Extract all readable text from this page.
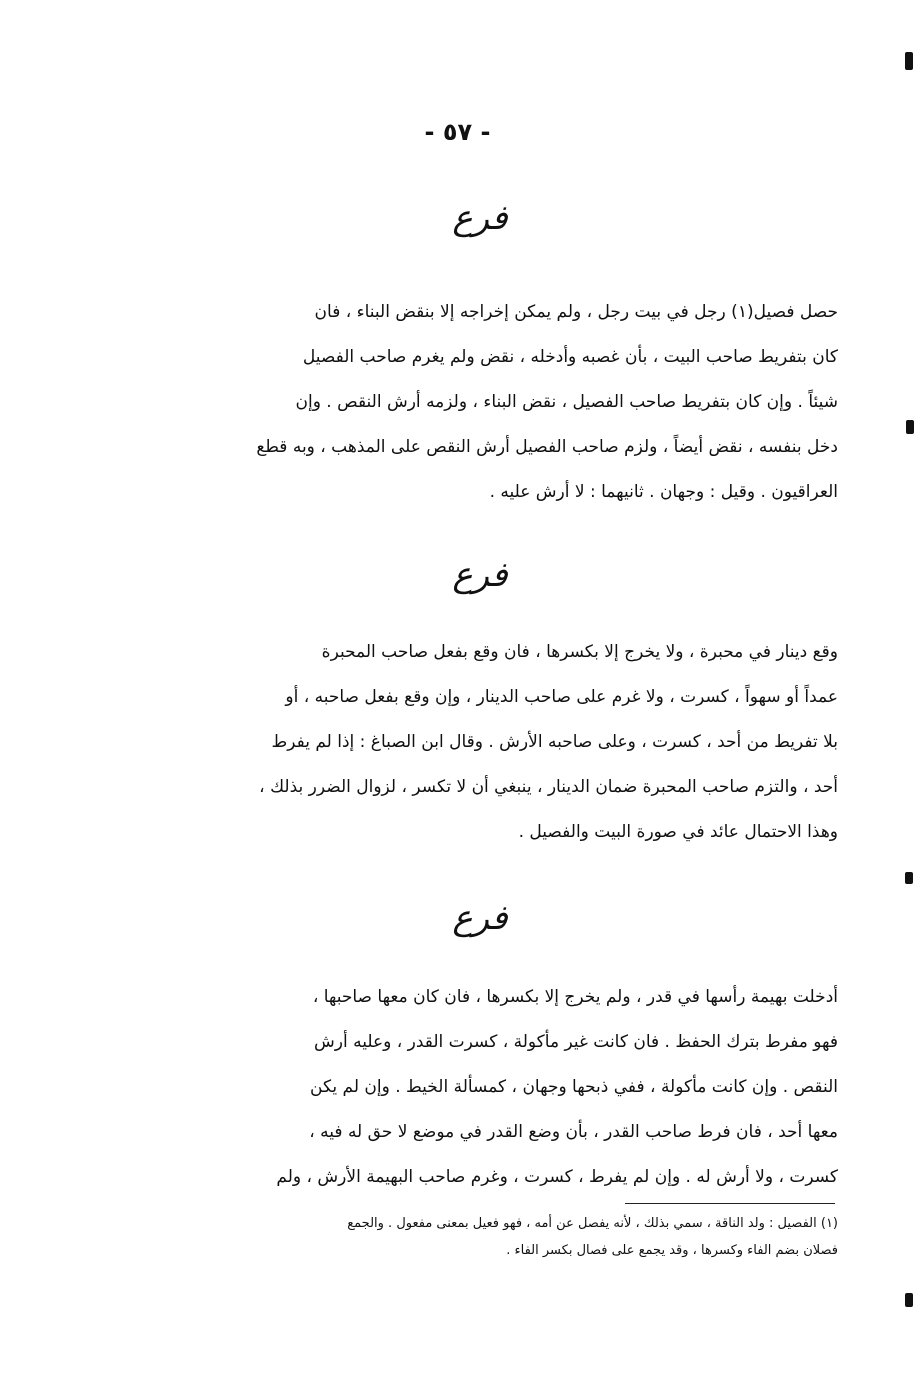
- ٥٧ -
فرع
حصل فصيل(١) رجل في بيت رجل ، ولم يمكن إخراجه إلا بنقض البناء ، فان
كان بتفريط صاحب البيت ، بأن غصبه وأدخله ، نقض ولم يغرم صاحب الفصيل
شيئاً . وإن كان بتفريط صاحب الفصيل ، نقض البناء ، ولزمه أرش النقص . وإن
دخل بنفسه ، نقض أيضاً ، ولزم صاحب الفصيل أرش النقص على المذهب ، وبه قطع
العراقيون . وقيل : وجهان . ثانيهما : لا أرش عليه .
فرع
وقع دينار في محبرة ، ولا يخرج إلا بكسرها ، فان وقع بفعل صاحب المحبرة
عمداً أو سهواً ، كسرت ، ولا غرم على صاحب الدينار ، وإن وقع بفعل صاحبه ، أو
بلا تفريط من أحد ، كسرت ، وعلى صاحبه الأرش . وقال ابن الصباغ : إذا لم يفرط
أحد ، والتزم صاحب المحبرة ضمان الدينار ، ينبغي أن لا تكسر ، لزوال الضرر بذلك ،
وهذا الاحتمال عائد في صورة البيت والفصيل .
فرع
أدخلت بهيمة رأسها في قدر ، ولم يخرج إلا بكسرها ، فان كان معها صاحبها ،
فهو مفرط بترك الحفظ . فان كانت غير مأكولة ، كسرت القدر ، وعليه أرش
النقص . وإن كانت مأكولة ، ففي ذبحها وجهان ، كمسألة الخيط . وإن لم يكن
معها أحد ، فان فرط صاحب القدر ، بأن وضع القدر في موضع لا حق له فيه ،
كسرت ، ولا أرش له . وإن لم يفرط ، كسرت ، وغرم صاحب البهيمة الأرش ، ولم
(١) الفصيل : ولد الناقة ، سمي بذلك ، لأنه يفصل عن أمه ، فهو فعيل بمعنى مفعول . والجمع
فصلان بضم الفاء وكسرها ، وقد يجمع على فصال بكسر الفاء .
